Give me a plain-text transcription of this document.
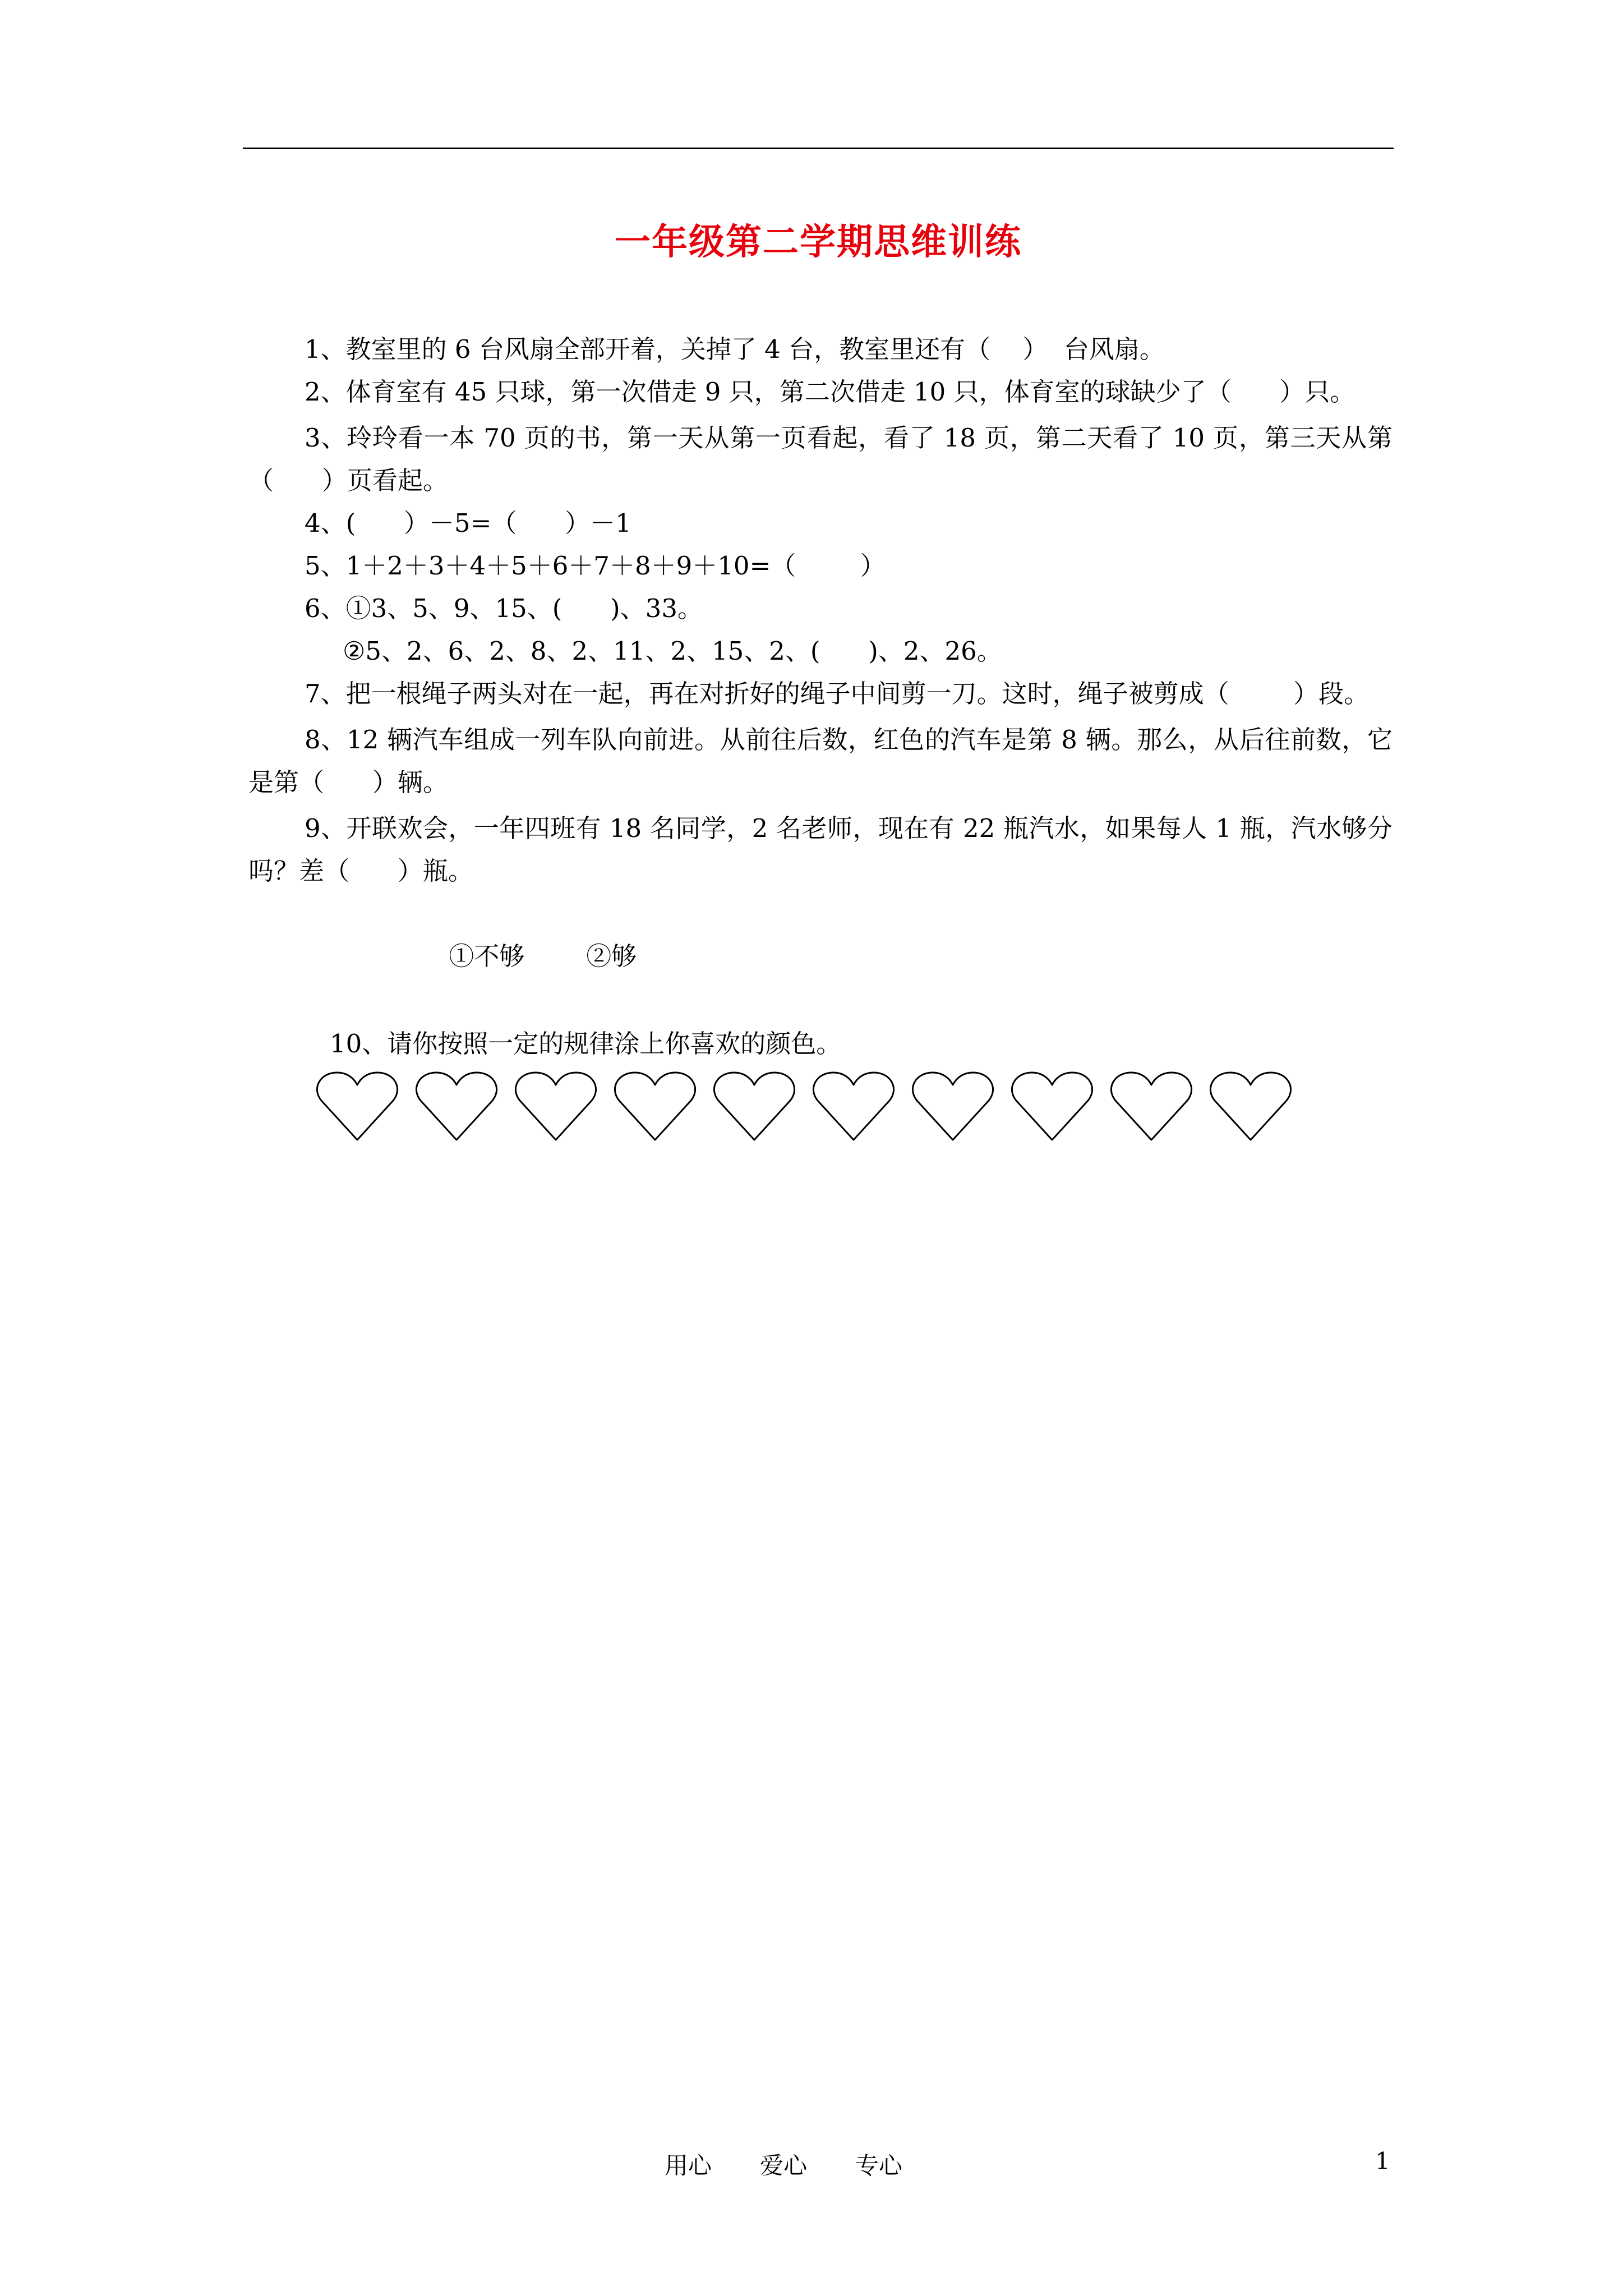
一年级第二学期思维训练

1、教室里的 6 台风扇全部开着，关掉了 4 台，教室里还有（    ）  台风扇。

2、体育室有 45 只球，第一次借走 9 只，第二次借走 10 只，体育室的球缺少了（      ）只。

3、玲玲看一本 70 页的书，第一天从第一页看起，看了 18 页，第二天看了 10 页，第三天从第（      ）页看起。

4、(      ）－5=（      ）－1

5、1＋2＋3＋4＋5＋6＋7＋8＋9＋10=（        ）

6、①3、5、9、15、(      )、33。

②5、2、6、2、8、2、11、2、15、2、(      )、2、26。

7、把一根绳子两头对在一起，再在对折好的绳子中间剪一刀。这时，绳子被剪成（        ）段。

8、12 辆汽车组成一列车队向前进。从前往后数，红色的汽车是第 8 辆。那么，从后往前数，它是第（      ）辆。

9、开联欢会，一年四班有 18 名同学，2 名老师，现在有 22 瓶汽水，如果每人 1 瓶，汽水够分吗？差（      ）瓶。

①不够 ②够

10、请你按照一定的规律涂上你喜欢的颜色。

用心 爱心 专心	1
